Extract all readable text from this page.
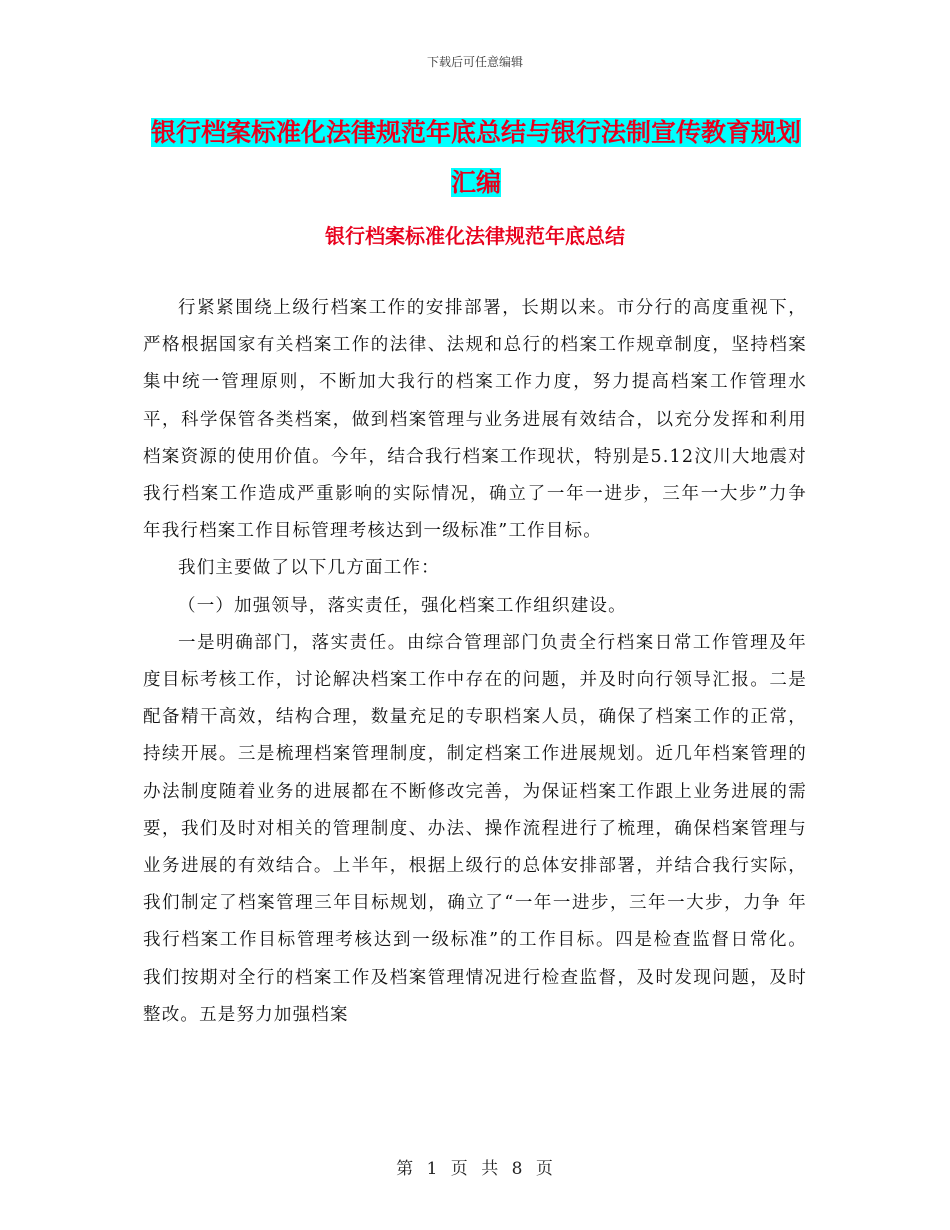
下载后可任意编辑
银行档案标准化法律规范年底总结与银行法制宣传教育规划汇编
银行档案标准化法律规范年底总结

行紧紧围绕上级行档案工作的安排部署，长期以来。市分行的高度重视下，严格根据国家有关档案工作的法律、法规和总行的档案工作规章制度，坚持档案集中统一管理原则，不断加大我行的档案工作力度，努力提高档案工作管理水平，科学保管各类档案，做到档案管理与业务进展有效结合，以充分发挥和利用档案资源的使用价值。今年，结合我行档案工作现状，特别是5.12汶川大地震对我行档案工作造成严重影响的实际情况，确立了一年一进步，三年一大步”力争 年我行档案工作目标管理考核达到一级标准”工作目标。

我们主要做了以下几方面工作：

（一）加强领导，落实责任，强化档案工作组织建设。

一是明确部门，落实责任。由综合管理部门负责全行档案日常工作管理及年度目标考核工作，讨论解决档案工作中存在的问题，并及时向行领导汇报。二是配备精干高效，结构合理，数量充足的专职档案人员，确保了档案工作的正常，持续开展。三是梳理档案管理制度，制定档案工作进展规划。近几年档案管理的办法制度随着业务的进展都在不断修改完善，为保证档案工作跟上业务进展的需要，我们及时对相关的管理制度、办法、操作流程进行了梳理，确保档案管理与业务进展的有效结合。上半年，根据上级行的总体安排部署，并结合我行实际，我们制定了档案管理三年目标规划，确立了“一年一进步，三年一大步，力争 年我行档案工作目标管理考核达到一级标准”的工作目标。四是检查监督日常化。我们按期对全行的档案工作及档案管理情况进行检查监督，及时发现问题，及时整改。五是努力加强档案

第 1 页 共 8 页
